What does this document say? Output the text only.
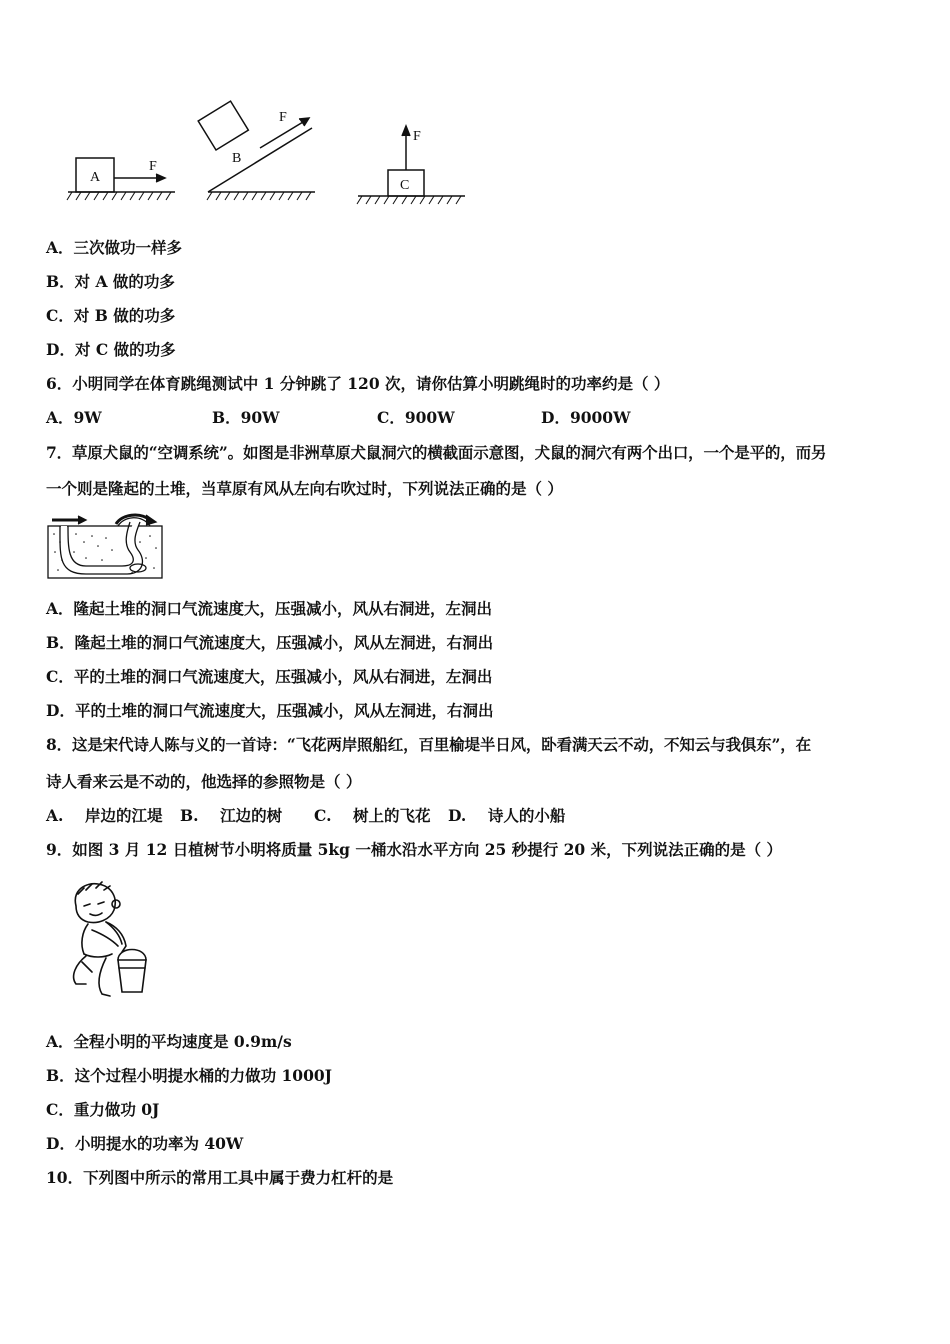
A
F
B
F
C
F
A．三次做功一样多
B．对 A 做的功多
C．对 B 做的功多
D．对 C 做的功多
6．小明同学在体育跳绳测试中 1 分钟跳了 120 次，请你估算小明跳绳时的功率约是（ ）
A．9W	B．90W	C．900W	D．9000W
7．草原犬鼠的“空调系统”。如图是非洲草原犬鼠洞穴的横截面示意图，犬鼠的洞穴有两个出口，一个是平的，而另
一个则是隆起的土堆，当草原有风从左向右吹过时，下列说法正确的是（ ）
A．隆起土堆的洞口气流速度大，压强减小，风从右洞进，左洞出
B．隆起土堆的洞口气流速度大，压强减小，风从左洞进，右洞出
C．平的土堆的洞口气流速度大，压强减小，风从右洞进，左洞出
D．平的土堆的洞口气流速度大，压强减小，风从左洞进，右洞出
8．这是宋代诗人陈与义的一首诗：“飞花两岸照船红，百里榆堤半日风，卧看满天云不动，不知云与我俱东”，在
诗人看来云是不动的，他选择的参照物是（ ）
A.    岸边的江堤 B.    江边的树 C.    树上的飞花 D.    诗人的小船
9．如图 3 月 12 日植树节小明将质量 5kg 一桶水沿水平方向 25 秒提行 20 米，下列说法正确的是（ ）
A．全程小明的平均速度是 0.9m/s
B．这个过程小明提水桶的力做功 1000J
C．重力做功 0J
D．小明提水的功率为 40W
10．下列图中所示的常用工具中属于费力杠杆的是
